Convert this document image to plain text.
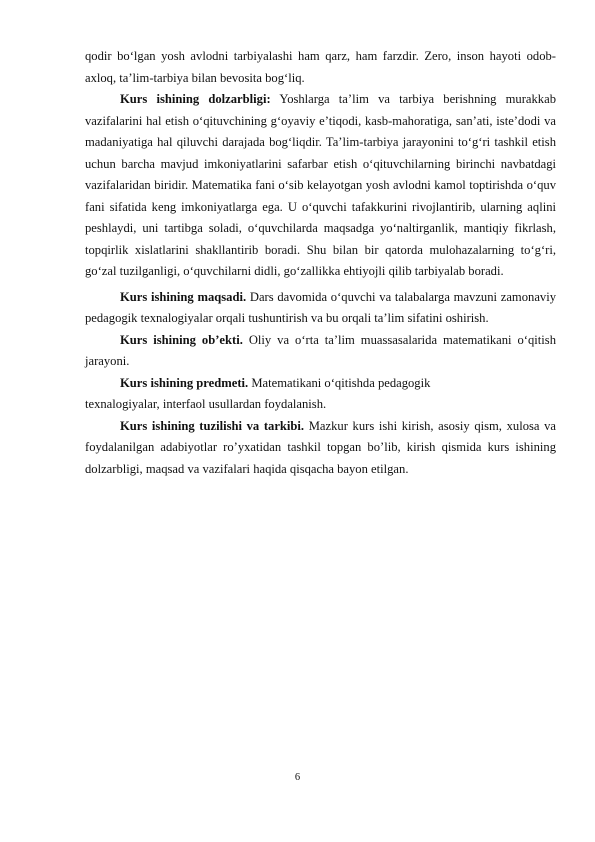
qodir bo‘lgan yosh avlodni tarbiyalashi ham qarz, ham farzdir. Zero, inson hayoti odob-axloq, ta’lim-tarbiya bilan bevosita bog‘liq.

Kurs ishining dolzarbligi: Yoshlarga ta’lim va tarbiya berishning murakkab vazifalarini hal etish o‘qituvchining g‘oyaviy e’tiqodi, kasb-mahoratiga, san’ati, iste’dodi va madaniyatiga hal qiluvchi darajada bog‘liqdir. Ta’lim-tarbiya jarayonini to‘g‘ri tashkil etish uchun barcha mavjud imkoniyatlarini safarbar etish o‘qituvchilarning birinchi navbatdagi vazifalaridan biridir. Matematika fani o‘sib kelayotgan yosh avlodni kamol toptirishda o‘quv fani sifatida keng imkoniyatlarga ega. U o‘quvchi tafakkurini rivojlantirib, ularning aqlini peshlaydi, uni tartibga soladi, o‘quvchilarda maqsadga yo‘naltirganlik, mantiqiy fikrlash, topqirlik xislatlarini shakllantirib boradi. Shu bilan bir qatorda mulohazalarning to‘g‘ri, go‘zal tuzilganligi, o‘quvchilarni didli, go‘zallikka ehtiyojli qilib tarbiyalab boradi.

Kurs ishining maqsadi. Dars davomida o‘quvchi va talabalarga mavzuni zamonaviy pedagogik texnalogiyalar orqali tushuntirish va bu orqali ta’lim sifatini oshirish.

Kurs ishining ob’ekti. Oliy va o‘rta ta’lim muassasalarida matematikani o‘qitish jarayoni.

Kurs ishining predmeti. Matematikani o‘qitishda pedagogik

texnalogiyalar, interfaol usullardan foydalanish.

Kurs ishining tuzilishi va tarkibi. Mazkur kurs ishi kirish, asosiy qism, xulosa va foydalanilgan adabiyotlar ro’yxatidan tashkil topgan bo’lib, kirish qismida kurs ishining dolzarbligi, maqsad va vazifalari haqida qisqacha bayon etilgan.

6
